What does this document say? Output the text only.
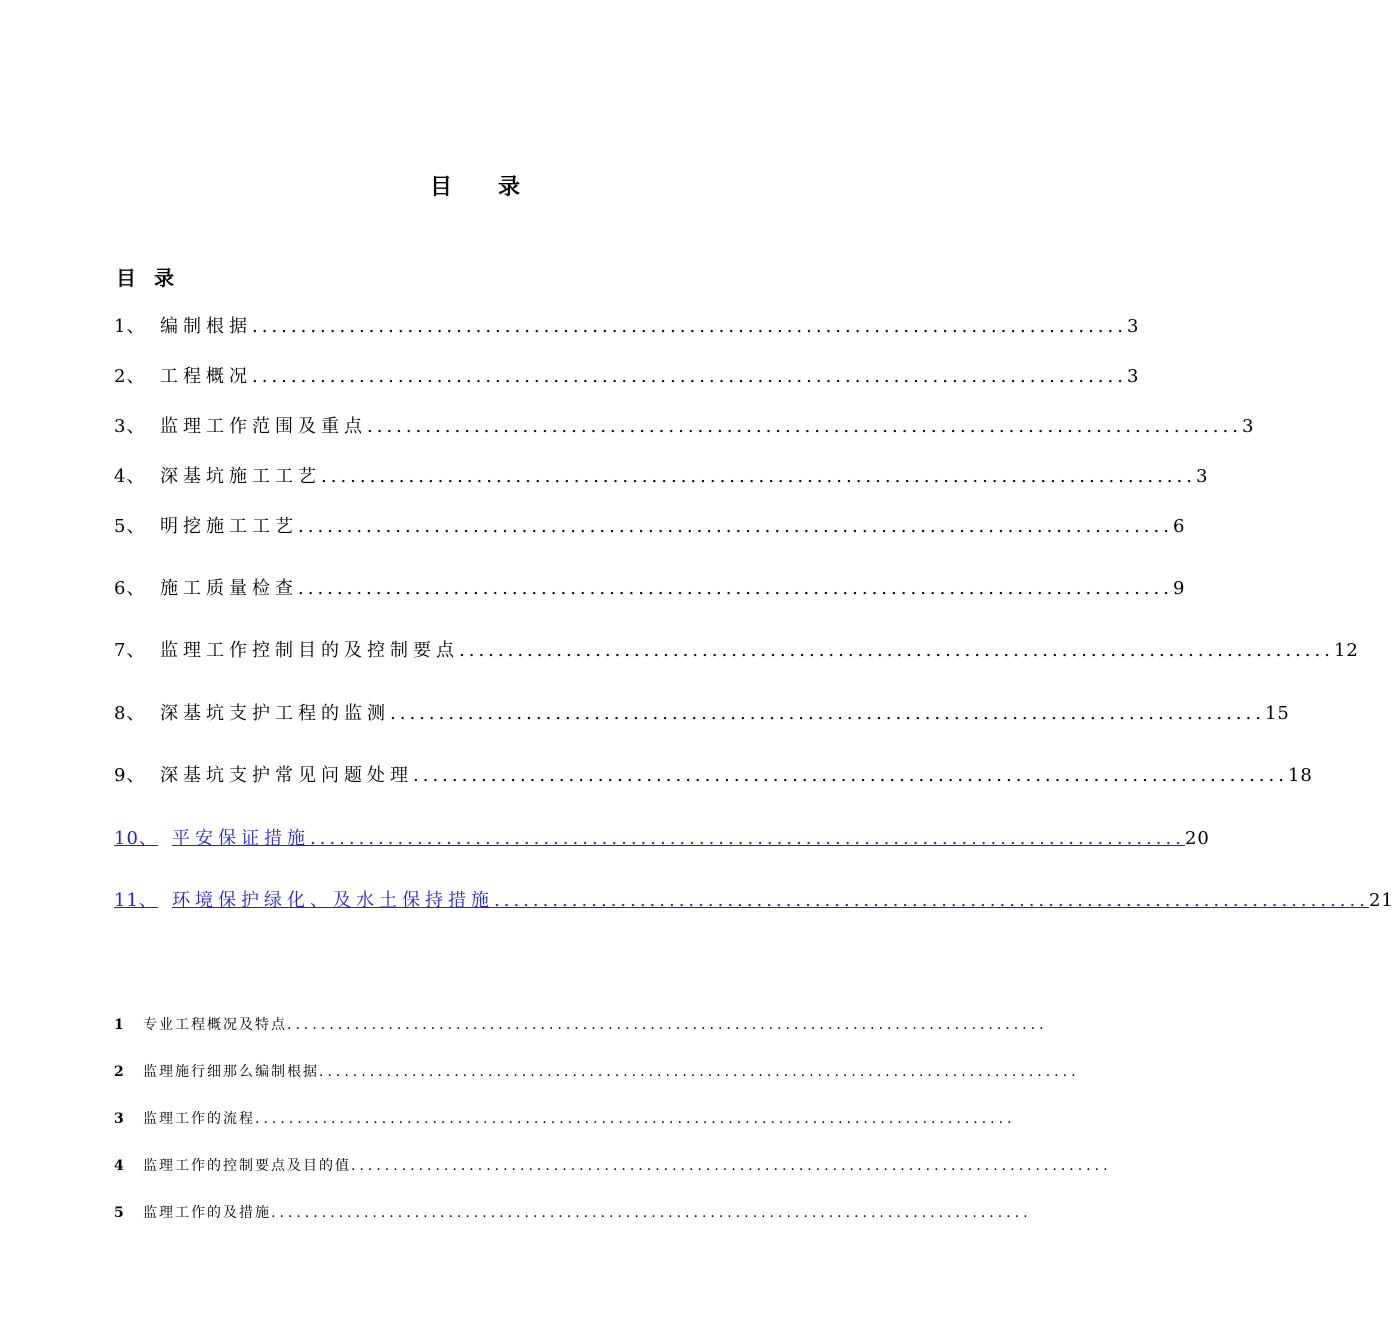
目录
目录
1、 编制根据 .......................................................................................... 3
2、 工程概况 .......................................................................................... 3
3、 监理工作范围及重点 .......................................................................................... 3
4、 深基坑施工工艺 .......................................................................................... 3
5、 明挖施工工艺 .......................................................................................... 6
6、 施工质量检查 .......................................................................................... 9
7、 监理工作控制目的及控制要点 .......................................................................................... 12
8、 深基坑支护工程的监测 .......................................................................................... 15
9、 深基坑支护常见问题处理 .......................................................................................... 18
10、 平安保证措施 .......................................................................................... 20
11、 环境保护绿化、及水土保持措施 .......................................................................................... 21
1	专业工程概况及特点 ..........................................................................................
2	监理施行细那么编制根据 ..........................................................................................
3	监理工作的流程 ..........................................................................................
4	监理工作的控制要点及目的值 ..........................................................................................
5	监理工作的及措施 ..........................................................................................
